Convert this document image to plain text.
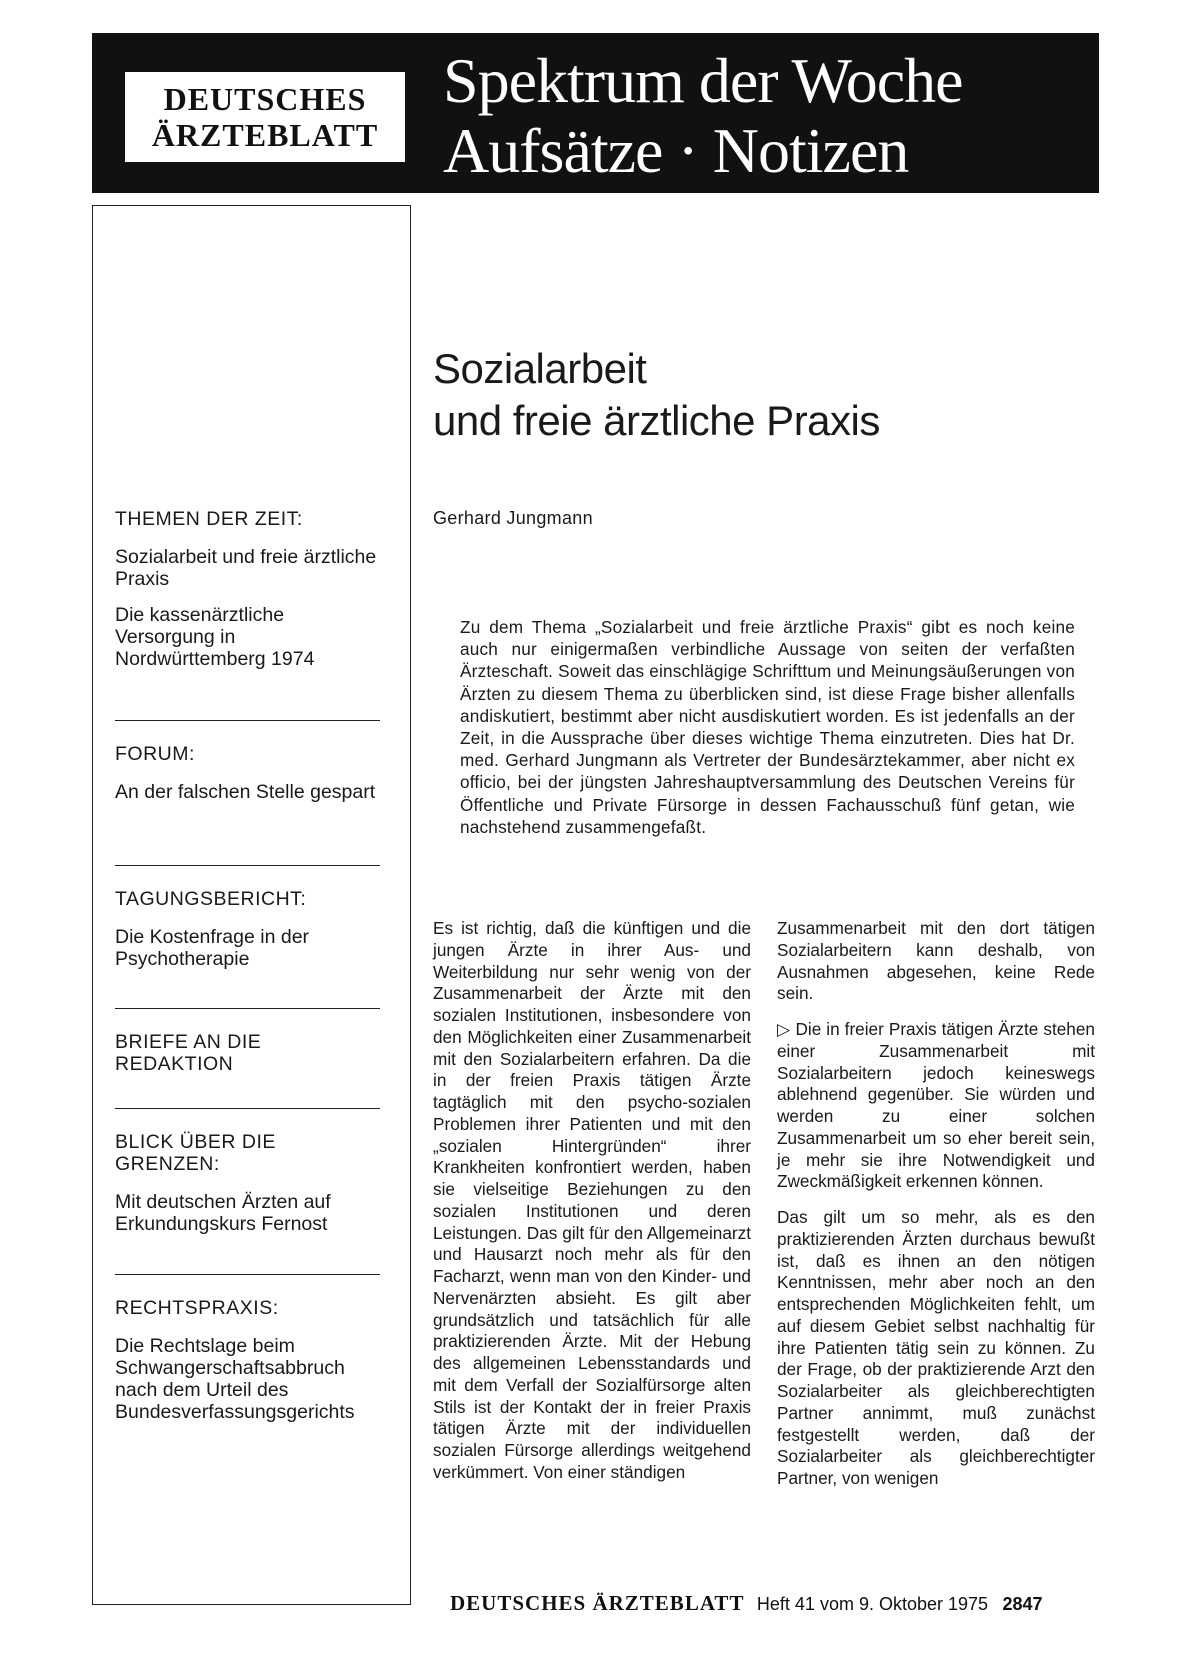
DEUTSCHES
ÄRZTEBLATT
Spektrum der Woche
Aufsätze · Notizen
THEMEN DER ZEIT:
Sozialarbeit und freie ärztliche Praxis
Die kassenärztliche Versorgung in Nordwürttemberg 1974
FORUM:
An der falschen Stelle gespart
TAGUNGSBERICHT:
Die Kostenfrage in der Psychotherapie
BRIEFE AN DIE REDAKTION
BLICK ÜBER DIE GRENZEN:
Mit deutschen Ärzten auf Erkundungskurs Fernost
RECHTSPRAXIS:
Die Rechtslage beim Schwangerschaftsabbruch nach dem Urteil des Bundesverfassungsgerichts
Sozialarbeit
und freie ärztliche Praxis
Gerhard Jungmann
Zu dem Thema „Sozialarbeit und freie ärztliche Praxis“ gibt es noch keine auch nur einigermaßen verbindliche Aussage von seiten der verfaßten Ärzteschaft. Soweit das einschlägige Schrifttum und Meinungsäußerungen von Ärzten zu diesem Thema zu überblicken sind, ist diese Frage bisher allenfalls andiskutiert, bestimmt aber nicht ausdiskutiert worden. Es ist jedenfalls an der Zeit, in die Aussprache über dieses wichtige Thema einzutreten. Dies hat Dr. med. Gerhard Jungmann als Vertreter der Bundesärztekammer, aber nicht ex officio, bei der jüngsten Jahreshauptversammlung des Deutschen Vereins für Öffentliche und Private Fürsorge in dessen Fachausschuß fünf getan, wie nachstehend zusammengefaßt.

Es ist richtig, daß die künftigen und die jungen Ärzte in ihrer Aus- und Weiterbildung nur sehr wenig von der Zusammenarbeit der Ärzte mit den sozialen Institutionen, insbesondere von den Möglichkeiten einer Zusammenarbeit mit den Sozialarbeitern erfahren. Da die in der freien Praxis tätigen Ärzte tagtäglich mit den psycho-sozialen Problemen ihrer Patienten und mit den „sozialen Hintergründen“ ihrer Krankheiten konfrontiert werden, haben sie vielseitige Beziehungen zu den sozialen Institutionen und deren Leistungen. Das gilt für den Allgemeinarzt und Hausarzt noch mehr als für den Facharzt, wenn man von den Kinder- und Nervenärzten absieht. Es gilt aber grundsätzlich und tatsächlich für alle praktizierenden Ärzte. Mit der Hebung des allgemeinen Lebensstandards und mit dem Verfall der Sozialfürsorge alten Stils ist der Kontakt der in freier Praxis tätigen Ärzte mit der individuellen sozialen Fürsorge allerdings weitgehend verkümmert. Von einer ständigen

Zusammenarbeit mit den dort tätigen Sozialarbeitern kann deshalb, von Ausnahmen abgesehen, keine Rede sein.

▷ Die in freier Praxis tätigen Ärzte stehen einer Zusammenarbeit mit Sozialarbeitern jedoch keineswegs ablehnend gegenüber. Sie würden und werden zu einer solchen Zusammenarbeit um so eher bereit sein, je mehr sie ihre Notwendigkeit und Zweckmäßigkeit erkennen können.

Das gilt um so mehr, als es den praktizierenden Ärzten durchaus bewußt ist, daß es ihnen an den nötigen Kenntnissen, mehr aber noch an den entsprechenden Möglichkeiten fehlt, um auf diesem Gebiet selbst nachhaltig für ihre Patienten tätig sein zu können. Zu der Frage, ob der praktizierende Arzt den Sozialarbeiter als gleichberechtigten Partner annimmt, muß zunächst festgestellt werden, daß der Sozialarbeiter als gleichberechtigter Partner, von wenigen

DEUTSCHES ÄRZTEBLATT Heft 41 vom 9. Oktober 1975 2847
